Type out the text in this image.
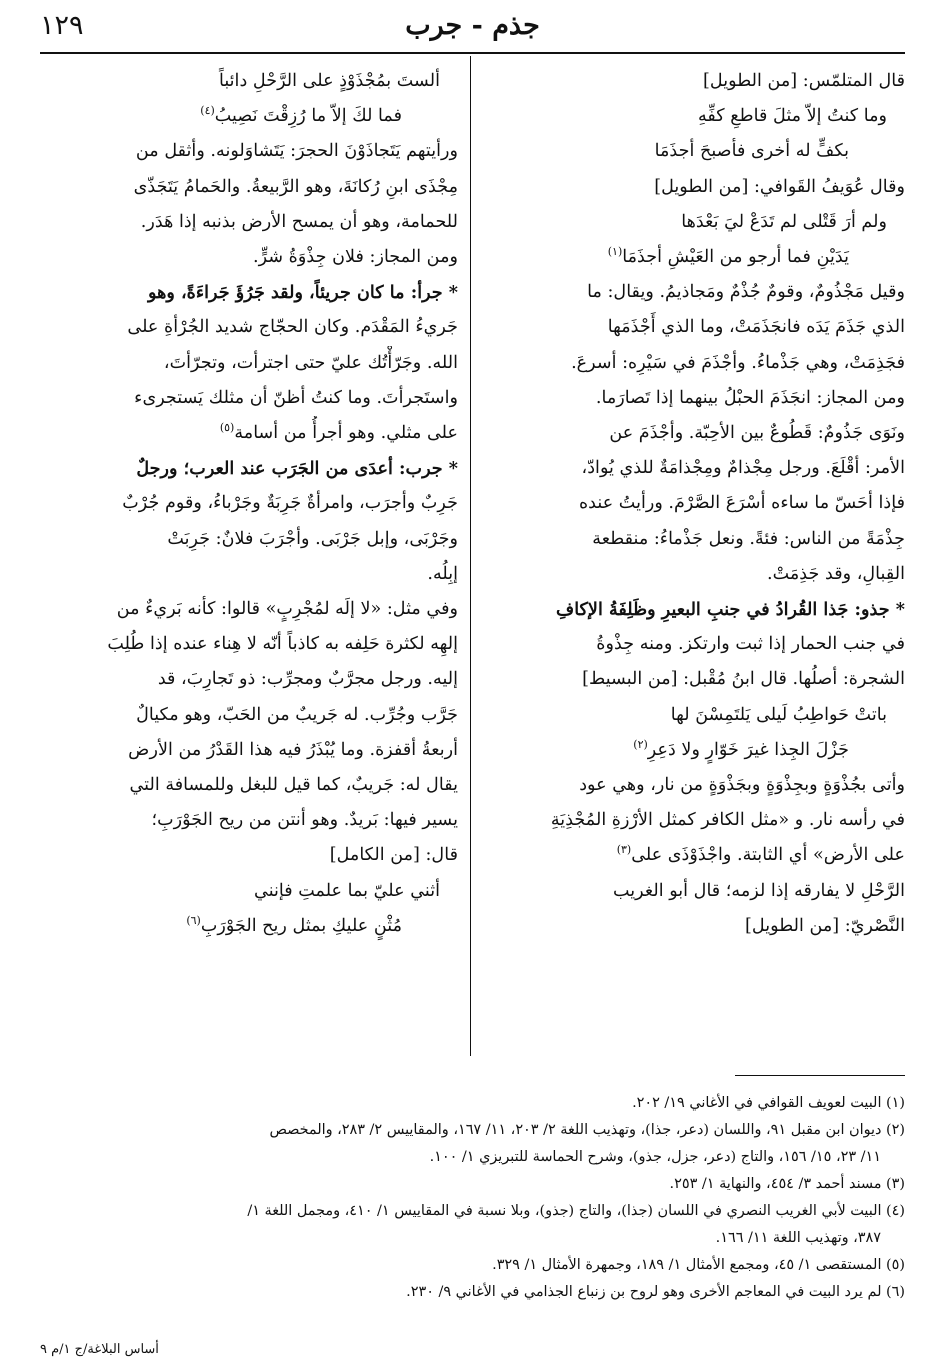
١٢٩	جذم - جرب
قال المتلمّس: [من الطويل]
وما كنتُ إلاّ مثلَ قاطعِ كفِّهِ
بكفٍّ له أخرى فأصبحَ أجذَمَا
وقال عُوَيفُ القَوافي: [من الطويل]
ولم أرَ قَتْلى لم تَدَعْ ليَ بَعْدَها
يَدَيْنِ فما أرجو من العَيْشِ أجذَمَا$^{(١)}$
وقيل مَجْذُومٌ، وقومٌ جُذْمٌ ومَجاذيمُ. ويقال: ما
الذي جَذَمَ يَدَه فانجَذَمَتْ، وما الذي أَجْذَمَها
فجَذِمَتْ، وهي جَذْماءُ. وأجْذَمَ في سَيْرِه: أسرعَ.
ومن المجاز: انجَذَمَ الحبْلُ بينهما إذا تَصارَما.
ونَوَى جَذُومٌ: قَطُوعٌ بين الأحِبّة. وأجْذَمَ عن
الأمر: أقْلَعَ. ورجل مِجْذامٌ ومِجْذامَةٌ للذي يُوادّ،
فإذا أحَسّ ما ساءه أسْرَعَ الصَّرْمَ. ورأيتُ عنده
جِذْمَةً من الناس: فئةً. ونعل جَذْماءُ: منقطعة
القِبالِ، وقد جَذِمَتْ.
* جذو: جَذا القُرادُ في جنبِ البعيرِ وظَلِفَةُ الإكافِ
في جنب الحمار إذا ثبت وارتكز. ومنه جِذْوةُ
الشجرة: أصلُها. قال ابنُ مُقْبل: [من البسيط]
باتتْ حَواطِبُ لَيلى يَلتَمِسْنَ لها
جَزْلَ الجِذا غيرَ خَوّارٍ ولا دَعِرِ$^{(٢)}$
وأتى بجُذْوَةٍ وبجِذْوَةٍ وبجَذْوَةٍ من نار، وهي عود
في رأسه نار. و «مثل الكافر كمثل الأرْزةِ المُجْذِيَةِ
على الأرض» أي الثابتة. واجْذَوْذَى على$^{(٣)}$
الرَّحْلِ لا يفارقه إذا لزمه؛ قال أبو الغريب
النَّصْريّ: [من الطويل]
ألستَ بمُجْذَوْذٍ على الرَّحْلِ دائباً
فما لكَ إلاّ ما رُزِقْتَ نَصِيبُ$^{(٤)}$
ورأيتهم يَتَجاذَوْنَ الحجرَ: يَتَشاوَلونه. وأثقل من
مِجْذَى ابنِ رُكانَةَ، وهو الرَّبيعةُ. والحَمامُ يَتَجَذّى
للحمامة، وهو أن يمسح الأرض بذنبه إذا هَدَر.
ومن المجاز: فلان جِذْوَةُ شرٍّ.
* جرأ: ما كان جريئاً، ولقد جَرُؤَ جَراءَةً، وهو
جَريءُ المَقْدَم. وكان الحجّاج شديد الجُرْأةِ على
الله. وجَرّأْتُك عليّ حتى اجترأت، وتجرّأتَ،
واستَجرأتَ. وما كنتُ أظنّ أن مثلك يَستجرىء
على مثلي. وهو أجرأُ من أسامة$^{(٥)}$
* جرب: أعدَى من الجَرَب عند العرب؛ ورجلٌ
جَرِبٌ وأجرَب، وامرأةٌ جَرِبَةٌ وجَرْباءُ، وقوم جُرْبٌ
وجَرْبَى، وإبل جَرْبَى. وأجْرَبَ فلانٌ: جَرِبَتْ
إبِلُه.
وفي مثل: «لا إلَه لمُجْرِبٍ» قالوا: كأنه بَريءٌ من
إلهِه لكثرة حَلِفه به كاذباً أنّه لا هِناء عنده إذا طُلِبَ
إليه. ورجل مجرَّبٌ ومجرِّب: ذو تَجارِبَ، قد
جَرَّب وجُرِّب. له جَريبٌ من الحَبّ، وهو مكيالٌ
أربعةُ أقفزة. وما يُبْذَرُ فيه هذا القَدْرُ من الأرض
يقال له: جَريبٌ، كما قيل للبغل وللمسافة التي
يسير فيها: بَريدٌ. وهو أنتن من ريح الجَوْرَبِ؛
قال: [من الكامل]
أثني عليّ بما علمتِ فإنني
مُثْنٍ عليكِ بمثل ريح الجَوْرَبِ$^{(٦)}$
(١) البيت لعويف القوافي في الأغاني ١٩/ ٢٠٢.
(٢) ديوان ابن مقبل ٩١، واللسان (دعر، جذا)، وتهذيب اللغة ٢/ ٢٠٣، ١١/ ١٦٧، والمقاييس ٢/ ٢٨٣، والمخصص
١١/ ٢٣، ١٥/ ١٥٦، والتاج (دعر، جزل، جذو)، وشرح الحماسة للتبريزي ١/ ١٠٠.
(٣) مسند أحمد ٣/ ٤٥٤، والنهاية ١/ ٢٥٣.
(٤) البيت لأبي الغريب النصري في اللسان (جذا)، والتاج (جذو)، وبلا نسبة في المقاييس ١/ ٤١٠، ومجمل اللغة ١/
٣٨٧، وتهذيب اللغة ١١/ ١٦٦.
(٥) المستقصى ١/ ٤٥، ومجمع الأمثال ١/ ١٨٩، وجمهرة الأمثال ١/ ٣٢٩.
(٦) لم يرد البيت في المعاجم الأخرى وهو لروح بن زنباع الجذامي في الأغاني ٩/ ٢٣٠.
أساس البلاغة/ج ١/م ٩
